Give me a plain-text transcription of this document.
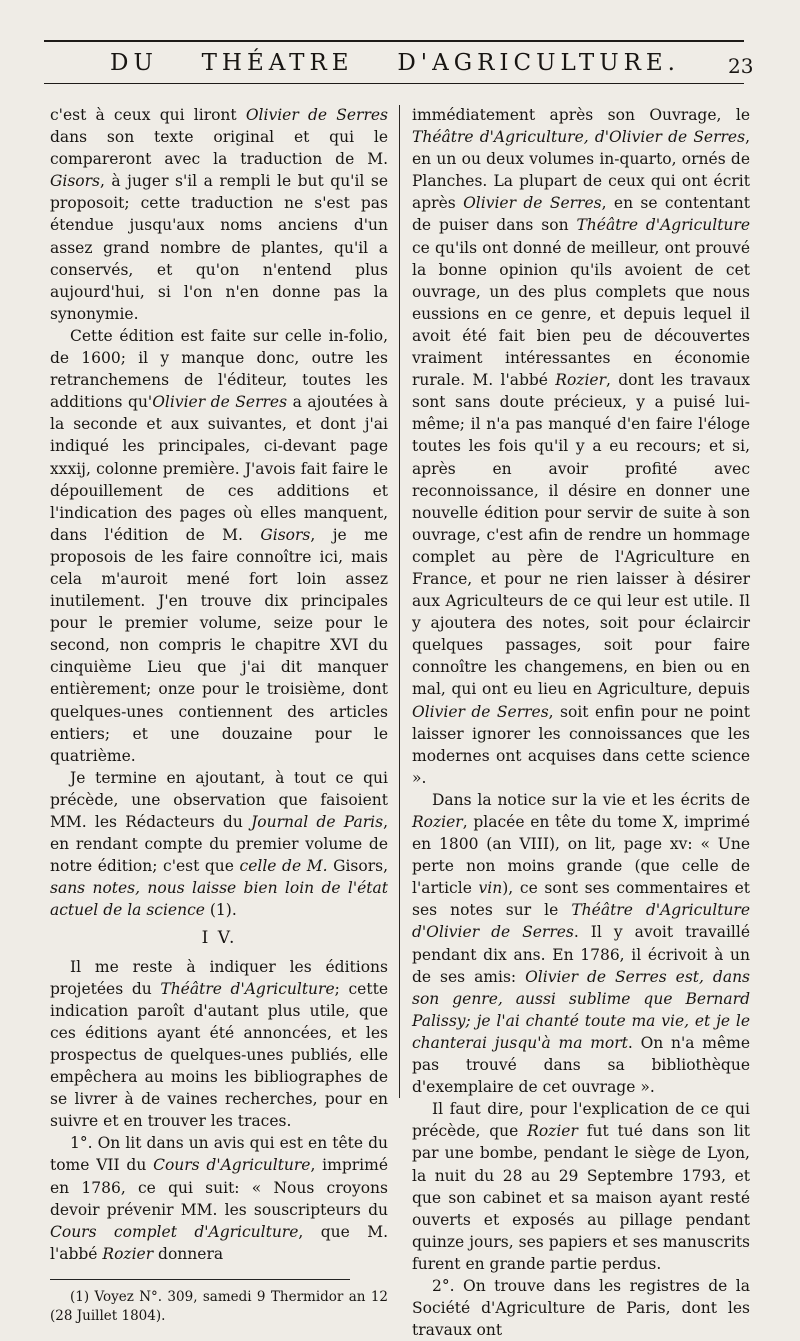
DU THÉATRE D'AGRICULTURE. 23

c'est à ceux qui liront Olivier de Serres dans son texte original et qui le compareront avec la traduction de M. Gisors, à juger s'il a rempli le but qu'il se proposoit; cette traduction ne s'est pas étendue jusqu'aux noms anciens d'un assez grand nombre de plantes, qu'il a conservés, et qu'on n'entend plus aujourd'hui, si l'on n'en donne pas la synonymie.

Cette édition est faite sur celle in-folio, de 1600; il y manque donc, outre les retranchemens de l'éditeur, toutes les additions qu'Olivier de Serres a ajoutées à la seconde et aux suivantes, et dont j'ai indiqué les principales, ci-devant page xxxij, colonne première. J'avois fait faire le dépouillement de ces additions et l'indication des pages où elles manquent, dans l'édition de M. Gisors, je me proposois de les faire connoître ici, mais cela m'auroit mené fort loin assez inutilement. J'en trouve dix principales pour le premier volume, seize pour le second, non compris le chapitre XVI du cinquième Lieu que j'ai dit manquer entièrement; onze pour le troisième, dont quelques-unes contiennent des articles entiers; et une douzaine pour le quatrième.

Je termine en ajoutant, à tout ce qui précède, une observation que faisoient MM. les Rédacteurs du Journal de Paris, en rendant compte du premier volume de notre édition; c'est que celle de M. Gisors, sans notes, nous laisse bien loin de l'état actuel de la science (1).

I V.

Il me reste à indiquer les éditions projetées du Théâtre d'Agriculture; cette indication paroît d'autant plus utile, que ces éditions ayant été annoncées, et les prospectus de quelques-unes publiés, elle empêchera au moins les bibliographes de se livrer à de vaines recherches, pour en suivre et en trouver les traces.

1°. On lit dans un avis qui est en tête du tome VII du Cours d'Agriculture, imprimé en 1786, ce qui suit: « Nous croyons devoir prévenir MM. les souscripteurs du Cours complet d'Agriculture, que M. l'abbé Rozier donnera

(1) Voyez N°. 309, samedi 9 Thermidor an 12 (28 Juillet 1804).

immédiatement après son Ouvrage, le Théâtre d'Agriculture, d'Olivier de Serres, en un ou deux volumes in-quarto, ornés de Planches. La plupart de ceux qui ont écrit après Olivier de Serres, en se contentant de puiser dans son Théâtre d'Agriculture ce qu'ils ont donné de meilleur, ont prouvé la bonne opinion qu'ils avoient de cet ouvrage, un des plus complets que nous eussions en ce genre, et depuis lequel il avoit été fait bien peu de découvertes vraiment intéressantes en économie rurale. M. l'abbé Rozier, dont les travaux sont sans doute précieux, y a puisé lui-même; il n'a pas manqué d'en faire l'éloge toutes les fois qu'il y a eu recours; et si, après en avoir profité avec reconnoissance, il désire en donner une nouvelle édition pour servir de suite à son ouvrage, c'est afin de rendre un hommage complet au père de l'Agriculture en France, et pour ne rien laisser à désirer aux Agriculteurs de ce qui leur est utile. Il y ajoutera des notes, soit pour éclaircir quelques passages, soit pour faire connoître les changemens, en bien ou en mal, qui ont eu lieu en Agriculture, depuis Olivier de Serres, soit enfin pour ne point laisser ignorer les connoissances que les modernes ont acquises dans cette science ».

Dans la notice sur la vie et les écrits de Rozier, placée en tête du tome X, imprimé en 1800 (an VIII), on lit, page xv: « Une perte non moins grande (que celle de l'article vin), ce sont ses commentaires et ses notes sur le Théâtre d'Agriculture d'Olivier de Serres. Il y avoit travaillé pendant dix ans. En 1786, il écrivoit à un de ses amis: Olivier de Serres est, dans son genre, aussi sublime que Bernard Palissy; je l'ai chanté toute ma vie, et je le chanterai jusqu'à ma mort. On n'a même pas trouvé dans sa bibliothèque d'exemplaire de cet ouvrage ».

Il faut dire, pour l'explication de ce qui précède, que Rozier fut tué dans son lit par une bombe, pendant le siège de Lyon, la nuit du 28 au 29 Septembre 1793, et que son cabinet et sa maison ayant resté ouverts et exposés au pillage pendant quinze jours, ses papiers et ses manuscrits furent en grande partie perdus.

2°. On trouve dans les registres de la Société d'Agriculture de Paris, dont les travaux ont
